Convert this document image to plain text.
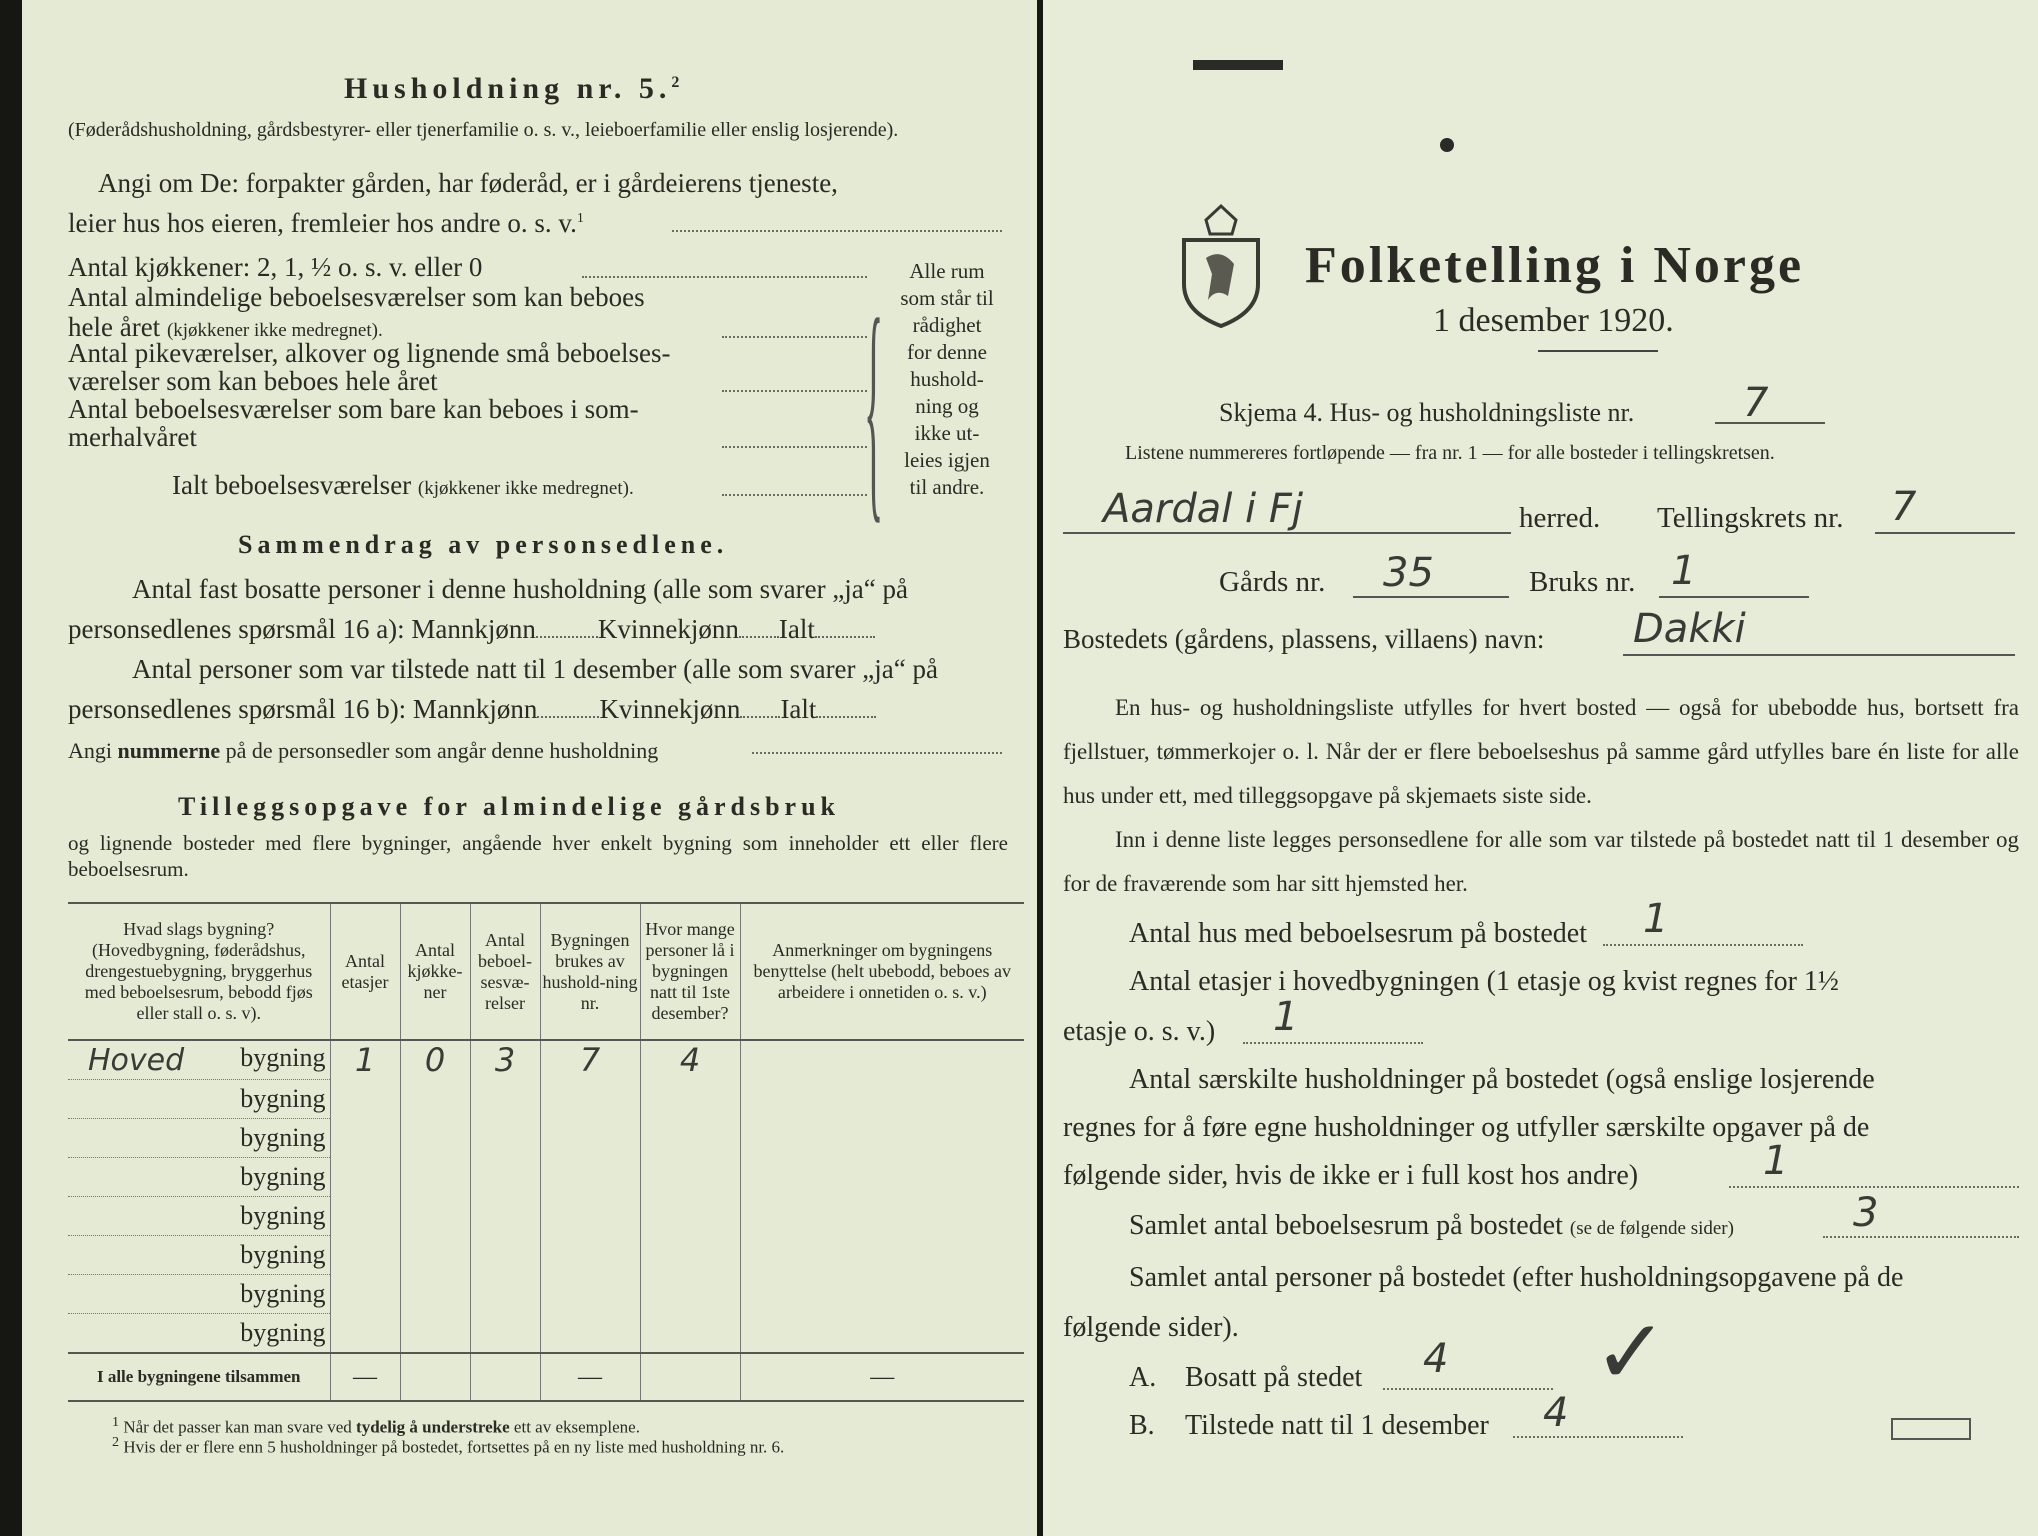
Husholdning nr. 5.$^2$
(Føderådshusholdning, gårdsbestyrer- eller tjenerfamilie o. s. v., leieboerfamilie eller enslig losjerende).
Angi om De: forpakter gården, har føderåd, er i gårdeierens tjeneste,
leier hus hos eieren, fremleier hos andre o. s. v.$^1$
Antal kjøkkener: 2, 1, ½ o. s. v. eller 0
Antal almindelige beboelsesværelser som kan beboes
hele året (kjøkkener ikke medregnet).
Antal pikeværelser, alkover og lignende små beboelses-
værelser som kan beboes hele året
Antal beboelsesværelser som bare kan beboes i som-
merhalvåret
Ialt beboelsesværelser (kjøkkener ikke medregnet).	{	Alle rum
som står til
rådighet
for denne
hushold-
ning og
ikke ut-
leies igjen
til andre.
Sammendrag av personsedlene.
Antal fast bosatte personer i denne husholdning (alle som svarer „ja“ på
personsedlenes spørsmål 16 a): Mannkjønn Kvinnekjønn Ialt
Antal personer som var tilstede natt til 1 desember (alle som svarer „ja“ på
personsedlenes spørsmål 16 b): Mannkjønn Kvinnekjønn Ialt
Angi nummerne på de personsedler som angår denne husholdning
Tilleggsopgave for almindelige gårdsbruk
og lignende bosteder med flere bygninger, angående hver enkelt bygning som inneholder ett eller flere beboelsesrum.
Hvad slags bygning? (Hovedbygning, føderådshus, drengestuebygning, bryggerhus med beboelsesrum, bebodd fjøs eller stall o. s. v).	Antal etasjer	Antal kjøkke-ner	Antal beboel-sesvæ-relser	Bygningen brukes av hushold-ning nr.	Hvor mange personer lå i bygningen natt til 1ste desember?	Anmerkninger om bygningens benyttelse (helt ubebodd, beboes av arbeidere i onnetiden o. s. v.)

Hoved bygning	1	0	3	7	4	
bygning						
bygning						
bygning						
bygning						
bygning						
bygning						
bygning						
I alle bygningene tilsammen	—			—		—
$^1$ Når det passer kan man svare ved tydelig å understreke ett av eksemplene.
$^2$ Hvis der er flere enn 5 husholdninger på bostedet, fortsettes på en ny liste med husholdning nr. 6.
Folketelling i Norge
1 desember 1920.
Skjema 4. Hus- og husholdningsliste nr.	7
Listene nummereres fortløpende — fra nr. 1 — for alle bosteder i tellingskretsen.
Aardal i Fj	herred. Tellingskrets nr. 7
Gårds nr. 35	Bruks nr. 1
Bostedets (gårdens, plassens, villaens) navn: Dakki
En hus- og husholdningsliste utfylles for hvert bosted — også for ubebodde hus, bortsett fra fjellstuer, tømmerkojer o. l. Når der er flere beboelseshus på samme gård utfylles bare én liste for alle hus under ett, med tilleggsopgave på skjemaets siste side.
Inn i denne liste legges personsedlene for alle som var tilstede på bostedet natt til 1 desember og for de fraværende som har sitt hjemsted her.
Antal hus med beboelsesrum på bostedet 1
Antal etasjer i hovedbygningen (1 etasje og kvist regnes for 1½
etasje o. s. v.) 1
Antal særskilte husholdninger på bostedet (også enslige losjerende
regnes for å føre egne husholdninger og utfyller særskilte opgaver på de
følgende sider, hvis de ikke er i full kost hos andre)	1
Samlet antal beboelsesrum på bostedet (se de følgende sider)	3
Samlet antal personer på bostedet (efter husholdningsopgavene på de
følgende sider).
A. Bosatt på stedet 4
B. Tilstede natt til 1 desember 4
✓
